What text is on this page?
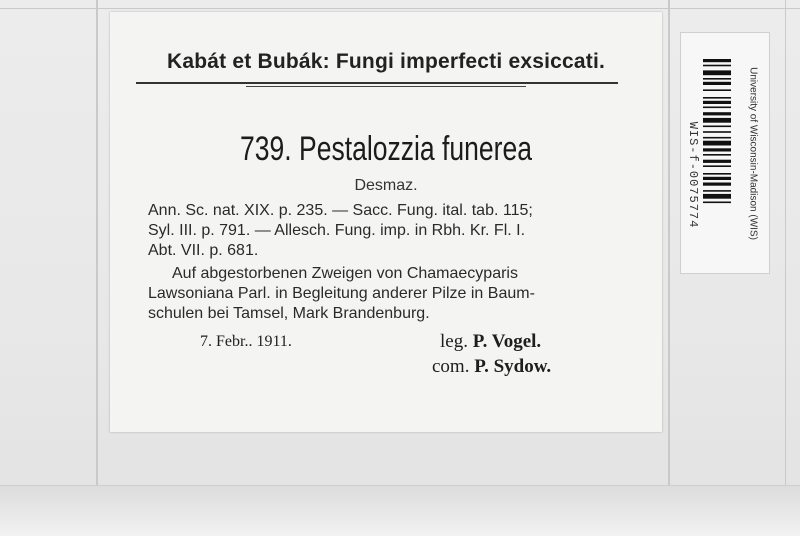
Kabát et Bubák: Fungi imperfecti exsiccati.
739. Pestalozzia funerea
Desmaz.
Ann. Sc. nat. XIX. p. 235. — Sacc. Fung. ital. tab. 115;
Syl. III. p. 791. — Allesch. Fung. imp. in Rbh. Kr. Fl. I.
Abt. VII. p. 681.
Auf abgestorbenen Zweigen von Chamaecyparis
Lawsoniana Parl. in Begleitung anderer Pilze in Baum-
schulen bei Tamsel, Mark Brandenburg.
7. Febr.. 1911.	leg. P. Vogel.
com. P. Sydow.
WIS-f-0075774	University of Wisconsin-Madison (WIS)
